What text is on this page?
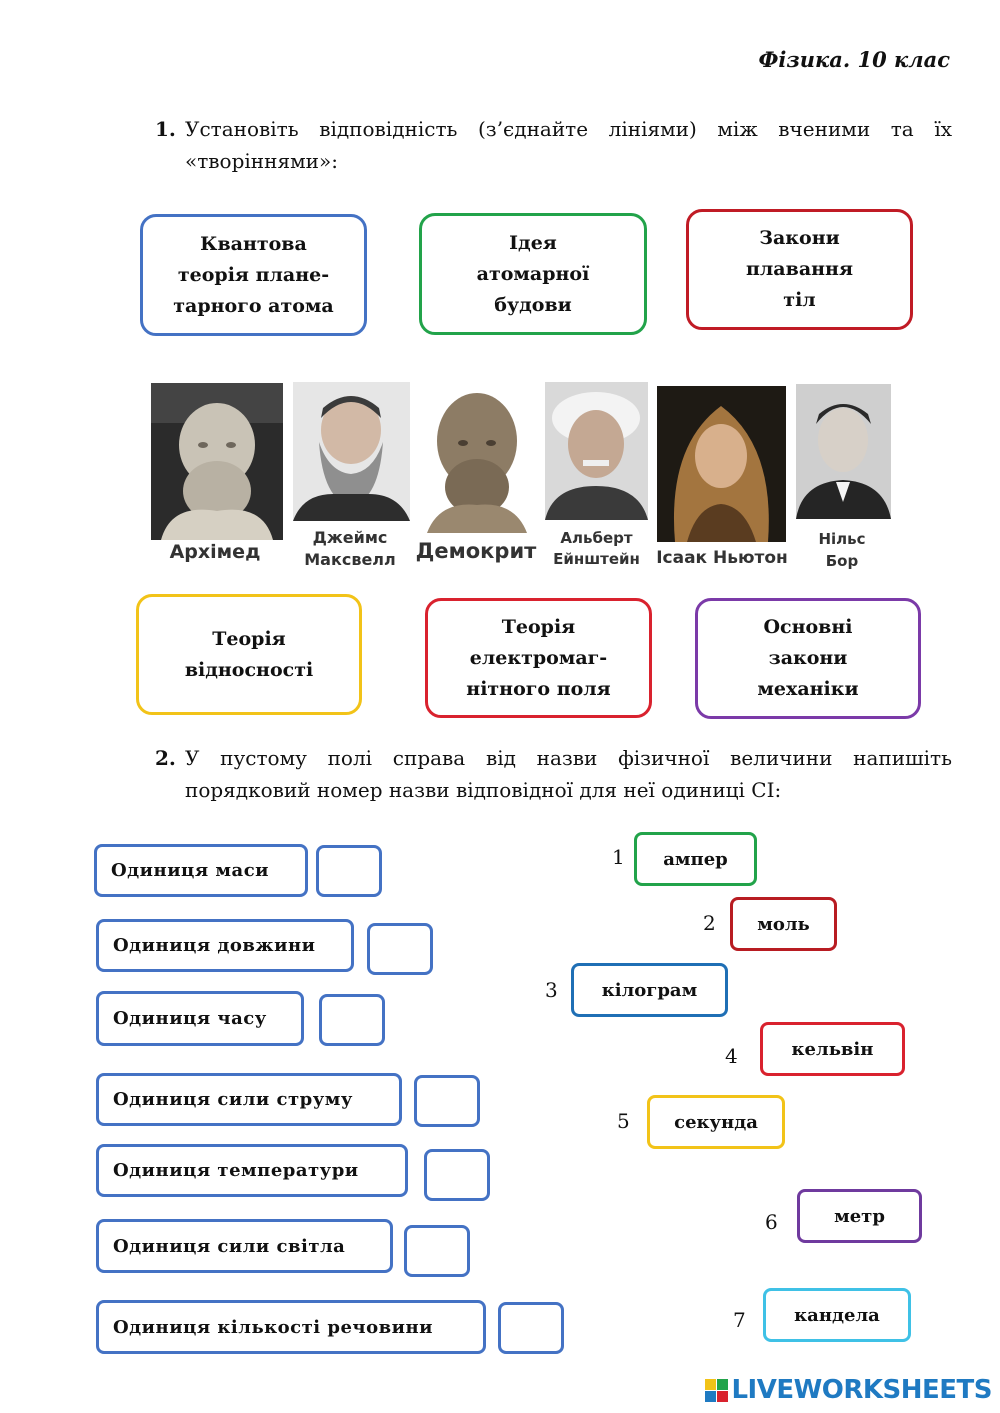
Фізика. 10 клас
1. Установіть відповідність (з’єднайте лініями) між вченими та їх «творіннями»:
Квантова
теорія плане-
тарного атома
Ідея
атомарної
будови
Закони
плавання
тіл
Архімед
Джеймс
Максвелл Демокрит
Альберт
Ейнштейн Ісаак Ньютон
Нільс
Бор
Теорія
відносності
Теорія
електромаг-
нітного поля
Основні
закони
механіки
2. У пустому полі справа від назви фізичної величини напишіть порядковий номер назви відповідної для неї одиниці СІ:
Одиниця маси
Одиниця довжини
Одиниця часу
Одиниця сили струму
Одиниця температури
Одиниця сили світла
Одиниця кількості речовини
1 ампер
2 моль
3 кілограм
4	кельвін
5 секунда
6	метр
7	кандела
LIVEWORKSHEETS
